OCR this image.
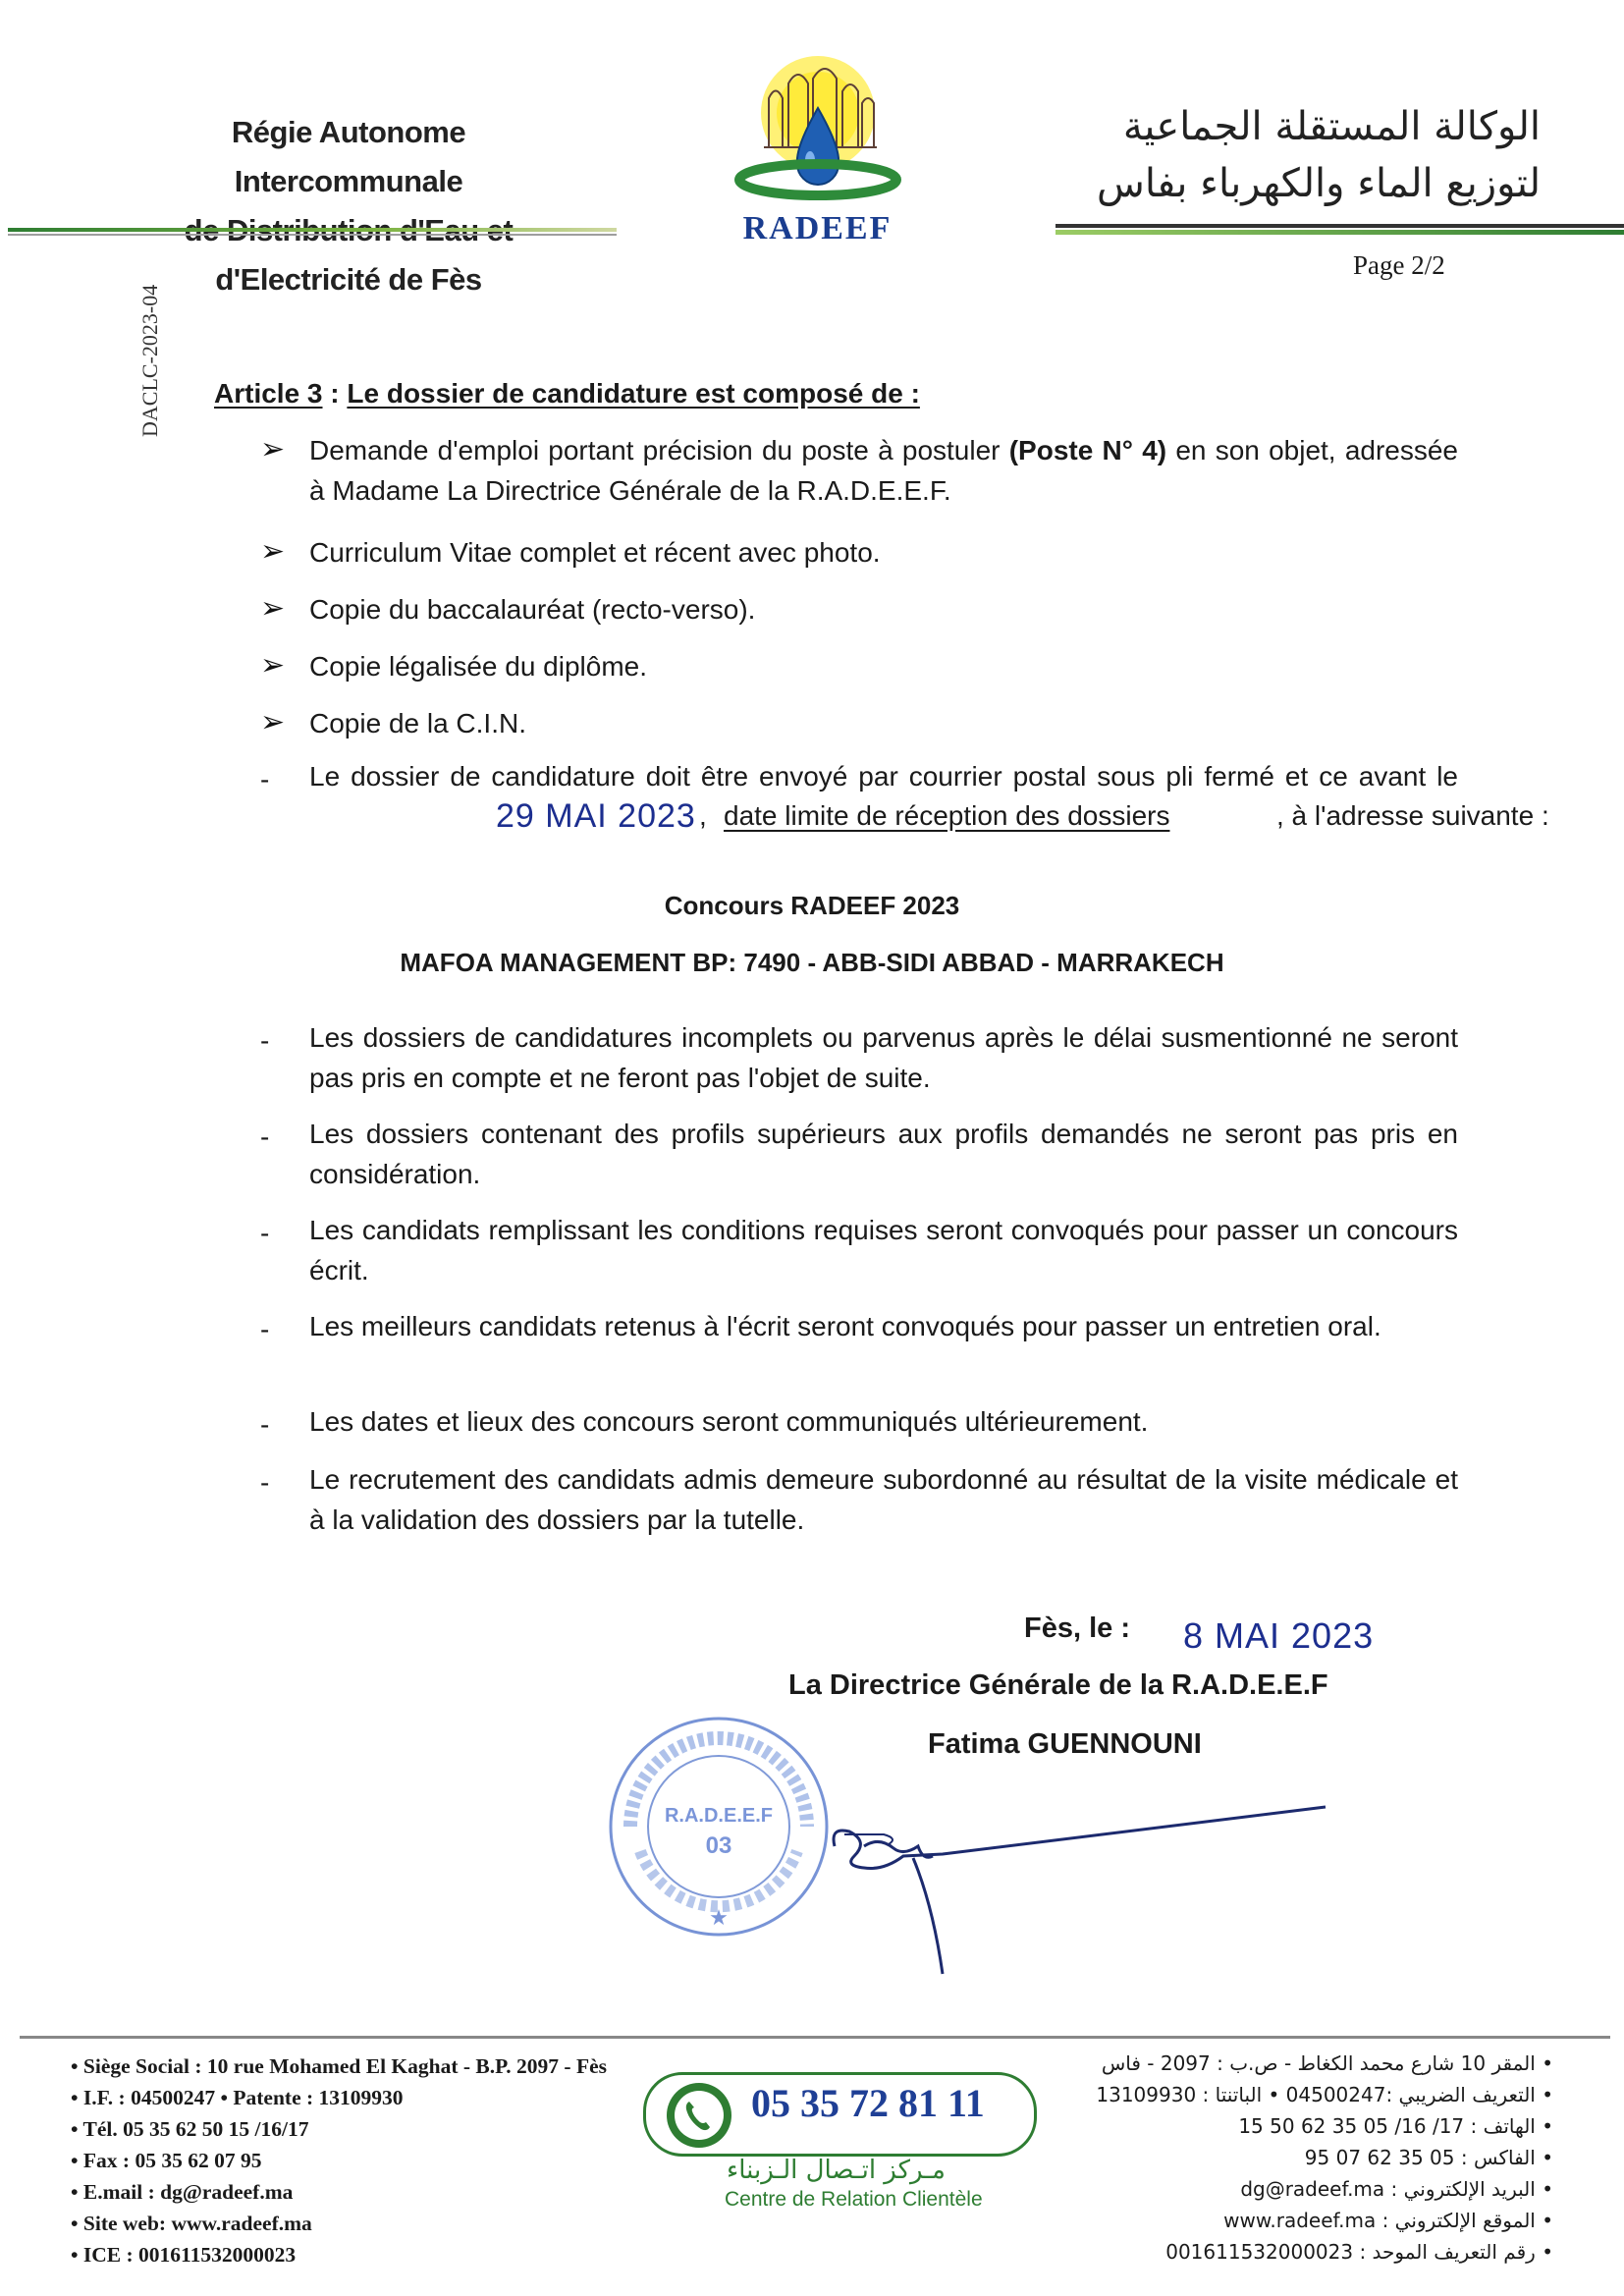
Régie Autonome Intercommunale
d'Electricité de Fès
RADEEF
الوكالة المستقلة الجماعية
لتوزيع الماء والكهرباء بفاس
Page 2/2
DACLC-2023-04 Article 3 : Le dossier de candidature est composé de :
➢ Demande d'emploi portant précision du poste à postuler (Poste N° 4) en son objet, adressée à Madame La Directrice Générale de la R.A.D.E.E.F.
➢ Curriculum Vitae complet et récent avec photo.
➢ Copie du baccalauréat (recto-verso).
➢ Copie légalisée du diplôme.
➢ Copie de la C.I.N.
- Le dossier de candidature doit être envoyé par courrier postal sous pli fermé et ce avant le
29 MAI 2023 , date limite de réception des dossiers	, à l'adresse suivante :
Concours RADEEF 2023
MAFOA MANAGEMENT BP: 7490 - ABB-SIDI ABBAD - MARRAKECH
- Les dossiers de candidatures incomplets ou parvenus après le délai susmentionné ne seront pas pris en compte et ne feront pas l'objet de suite.
- Les dossiers contenant des profils supérieurs aux profils demandés ne seront pas pris en considération.
- Les candidats remplissant les conditions requises seront convoqués pour passer un concours écrit.
- Les meilleurs candidats retenus à l'écrit seront convoqués pour passer un entretien oral.
- Les dates et lieux des concours seront communiqués ultérieurement.
- Le recrutement des candidats admis demeure subordonné au résultat de la visite médicale et à la validation des dossiers par la tutelle.
Fès, le : 8 MAI 2023
La Directrice Générale de la R.A.D.E.E.F
Fatima GUENNOUNI
R.A.D.E.E.F
03
★
• Siège Social : 10 rue Mohamed El Kaghat - B.P. 2097 - Fès
• I.F. : 04500247 • Patente : 13109930
• Tél. 05 35 62 50 15 /16/17
• Fax : 05 35 62 07 95
• E.mail : dg@radeef.ma
• Site web: www.radeef.ma
• ICE : 001611532000023
05 35 72 81 11
مـركز اتـصال الـزبناء
Centre de Relation Clientèle
• المقر 10 شارع محمد الكغاط - ص.ب : 2097 - فاس
• التعريف الضريبي :04500247 • الباتنتا : 13109930
• الهاتف : 17/ 16/ 05 35 62 50 15
• الفاكس : 05 35 62 07 95
• البريد الإلكتروني : dg@radeef.ma
• الموقع الإلكتروني : www.radeef.ma
• رقم التعريف الموحد : 001611532000023
